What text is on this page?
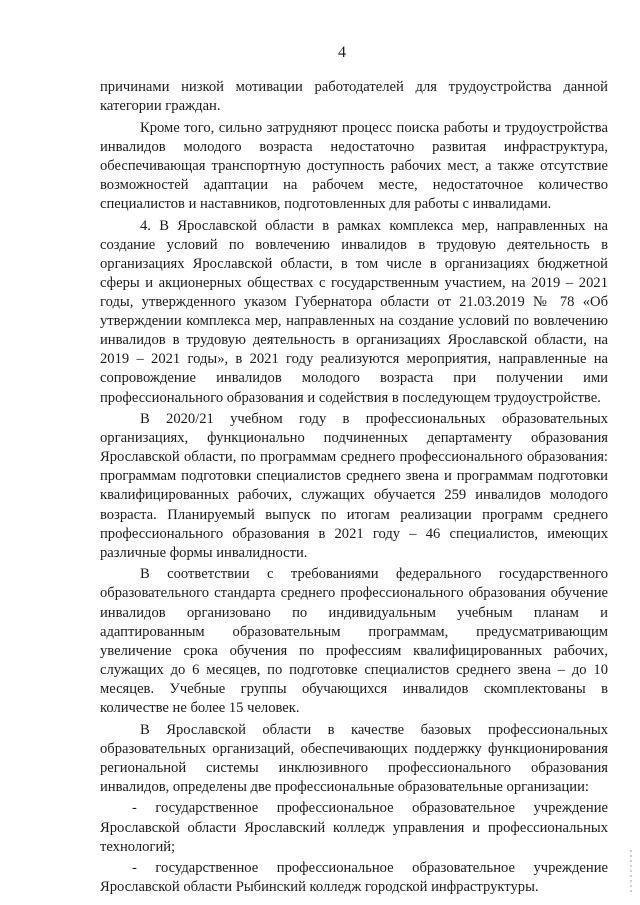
4

причинами низкой мотивации работодателей для трудоустройства данной категории граждан.

Кроме того, сильно затрудняют процесс поиска работы и трудоустройства инвалидов молодого возраста недостаточно развитая инфраструктура, обеспечивающая транспортную доступность рабочих мест, а также отсутствие возможностей адаптации на рабочем месте, недостаточное количество специалистов и наставников, подготовленных для работы с инвалидами.

4. В Ярославской области в рамках комплекса мер, направленных на создание условий по вовлечению инвалидов в трудовую деятельность в организациях Ярославской области, в том числе в организациях бюджетной сферы и акционерных обществах с государственным участием, на 2019 – 2021 годы, утвержденного указом Губернатора области от 21.03.2019 № 78 «Об утверждении комплекса мер, направленных на создание условий по вовлечению инвалидов в трудовую деятельность в организациях Ярославской области, на 2019 – 2021 годы», в 2021 году реализуются мероприятия, направленные на сопровождение инвалидов молодого возраста при получении ими профессионального образования и содействия в последующем трудоустройстве.

В 2020/21 учебном году в профессиональных образовательных организациях, функционально подчиненных департаменту образования Ярославской области, по программам среднего профессионального образования: программам подготовки специалистов среднего звена и программам подготовки квалифицированных рабочих, служащих обучается 259 инвалидов молодого возраста. Планируемый выпуск по итогам реализации программ среднего профессионального образования в 2021 году – 46 специалистов, имеющих различные формы инвалидности.

В соответствии с требованиями федерального государственного образовательного стандарта среднего профессионального образования обучение инвалидов организовано по индивидуальным учебным планам и адаптированным образовательным программам, предусматривающим увеличение срока обучения по профессиям квалифицированных рабочих, служащих до 6 месяцев, по подготовке специалистов среднего звена – до 10 месяцев. Учебные группы обучающихся инвалидов скомплектованы в количестве не более 15 человек.

В Ярославской области в качестве базовых профессиональных образовательных организаций, обеспечивающих поддержку функционирования региональной системы инклюзивного профессионального образования инвалидов, определены две профессиональные образовательные организации:

- государственное профессиональное образовательное учреждение Ярославской области Ярославский колледж управления и профессиональных технологий;

- государственное профессиональное образовательное учреждение Ярославской области Рыбинский колледж городской инфраструктуры.
